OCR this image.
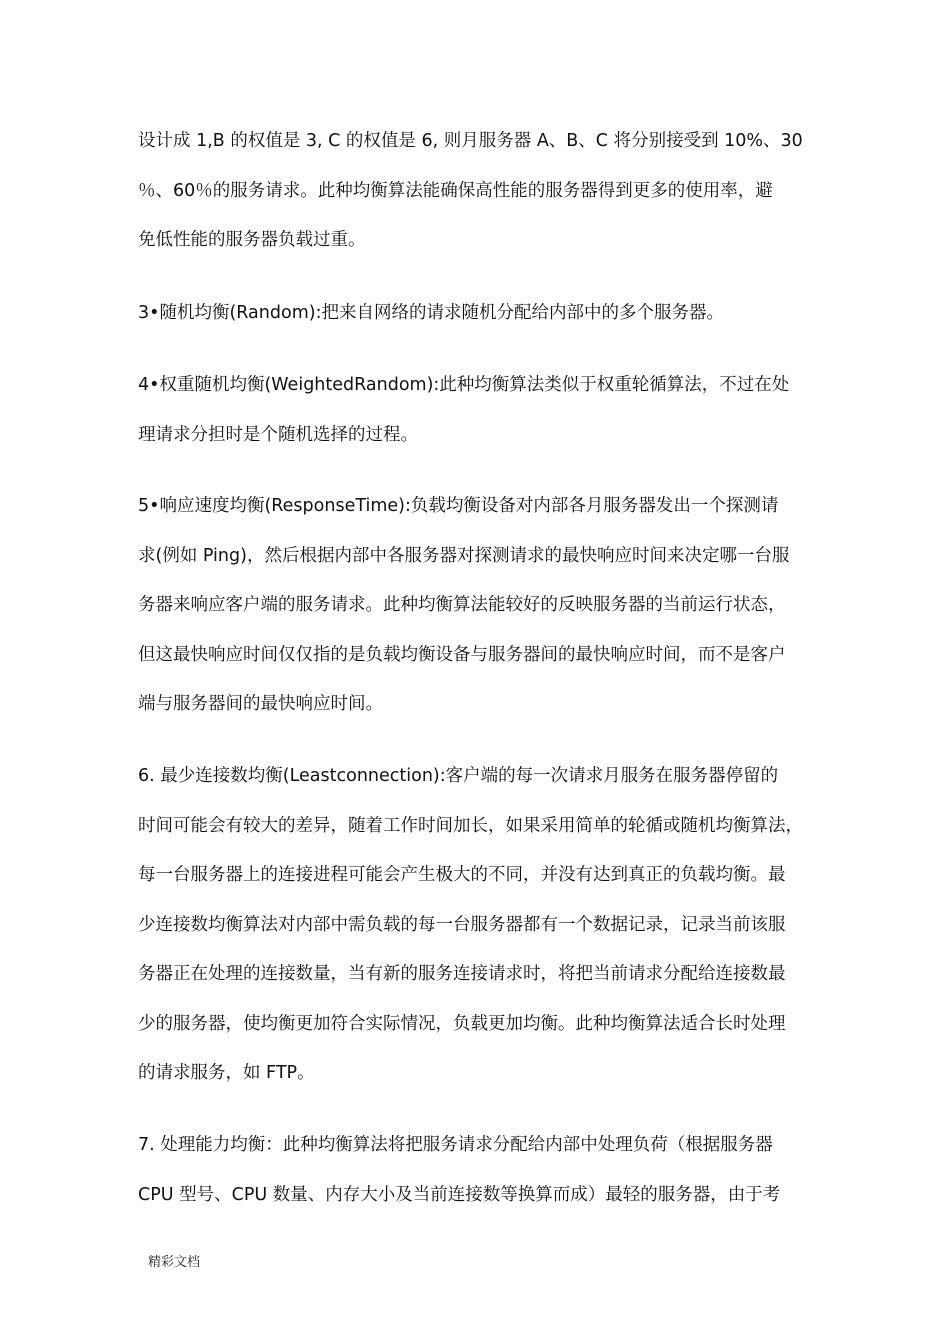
设计成 1,B 的权值是 3, C 的权值是 6, 则月服务器 A、B、C 将分别接受到 10%、30
％、60％的服务请求。此种均衡算法能确保高性能的服务器得到更多的使用率，避
免低性能的服务器负载过重。
3•随机均衡(Random):把来自网络的请求随机分配给内部中的多个服务器。
4•权重随机均衡(WeightedRandom):此种均衡算法类似于权重轮循算法，不过在处
理请求分担时是个随机选择的过程。
5•响应速度均衡(ResponseTime):负载均衡设备对内部各月服务器发出一个探测请
求(例如 Ping)，然后根据内部中各服务器对探测请求的最快响应时间来决定哪一台服
务器来响应客户端的服务请求。此种均衡算法能较好的反映服务器的当前运行状态，
但这最快响应时间仅仅指的是负载均衡设备与服务器间的最快响应时间，而不是客户
端与服务器间的最快响应时间。
6. 最少连接数均衡(Leastconnection):客户端的每一次请求月服务在服务器停留的
时间可能会有较大的差异，随着工作时间加长，如果采用简单的轮循或随机均衡算法，
每一台服务器上的连接进程可能会产生极大的不同，并没有达到真正的负载均衡。最
少连接数均衡算法对内部中需负载的每一台服务器都有一个数据记录，记录当前该服
务器正在处理的连接数量，当有新的服务连接请求时，将把当前请求分配给连接数最
少的服务器，使均衡更加符合实际情况，负载更加均衡。此种均衡算法适合长时处理
的请求服务，如 FTP。
7. 处理能力均衡：此种均衡算法将把服务请求分配给内部中处理负荷（根据服务器
CPU 型号、CPU 数量、内存大小及当前连接数等换算而成）最轻的服务器，由于考
精彩文档
